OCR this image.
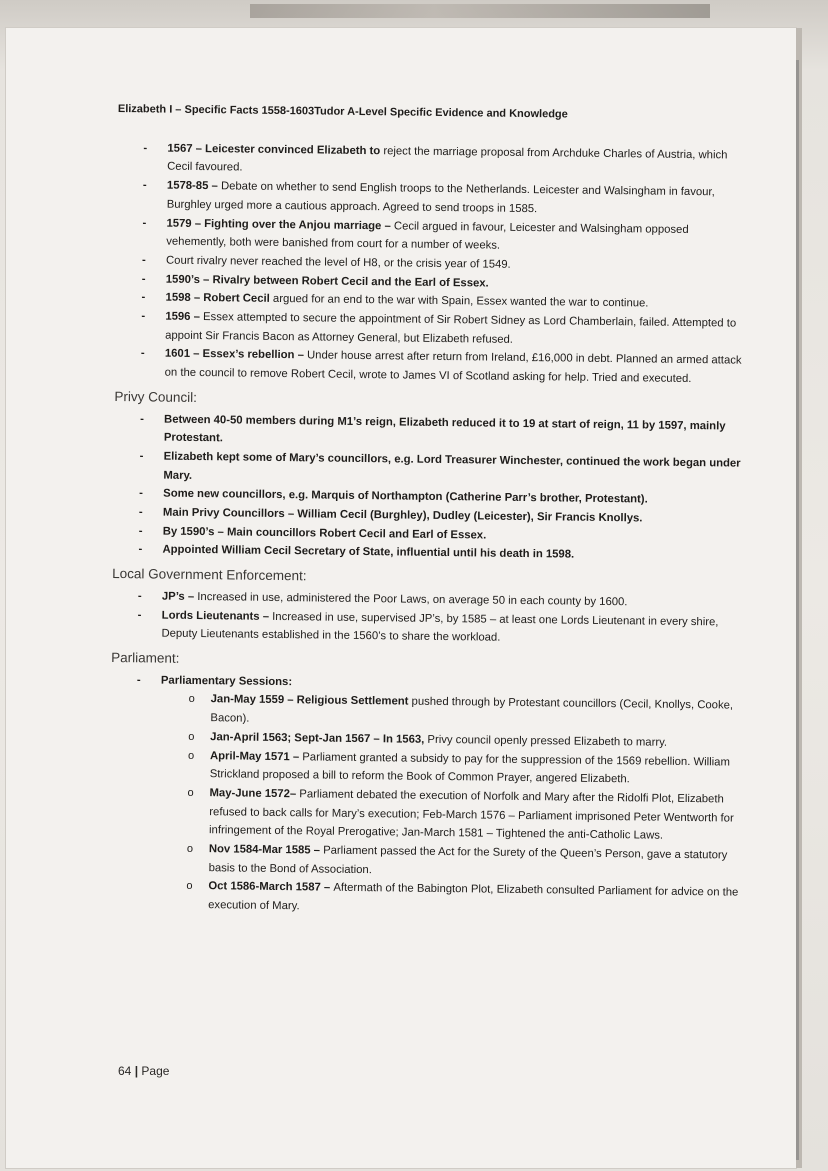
Elizabeth I – Specific Facts 1558-1603Tudor A-Level Specific Evidence and Knowledge
- 1567 – Leicester convinced Elizabeth to reject the marriage proposal from Archduke Charles of Austria, which Cecil favoured.
- 1578-85 – Debate on whether to send English troops to the Netherlands. Leicester and Walsingham in favour, Burghley urged more a cautious approach. Agreed to send troops in 1585.
- 1579 – Fighting over the Anjou marriage – Cecil argued in favour, Leicester and Walsingham opposed vehemently, both were banished from court for a number of weeks.
- Court rivalry never reached the level of H8, or the crisis year of 1549.
- 1590’s – Rivalry between Robert Cecil and the Earl of Essex.
- 1598 – Robert Cecil argued for an end to the war with Spain, Essex wanted the war to continue.
- 1596 – Essex attempted to secure the appointment of Sir Robert Sidney as Lord Chamberlain, failed. Attempted to appoint Sir Francis Bacon as Attorney General, but Elizabeth refused.
- 1601 – Essex’s rebellion – Under house arrest after return from Ireland, £16,000 in debt. Planned an armed attack on the council to remove Robert Cecil, wrote to James VI of Scotland asking for help. Tried and executed.
Privy Council:
- Between 40-50 members during M1’s reign, Elizabeth reduced it to 19 at start of reign, 11 by 1597, mainly Protestant.
- Elizabeth kept some of Mary’s councillors, e.g. Lord Treasurer Winchester, continued the work began under Mary.
- Some new councillors, e.g. Marquis of Northampton (Catherine Parr’s brother, Protestant).
- Main Privy Councillors – William Cecil (Burghley), Dudley (Leicester), Sir Francis Knollys.
- By 1590’s – Main councillors Robert Cecil and Earl of Essex.
- Appointed William Cecil Secretary of State, influential until his death in 1598.
Local Government Enforcement:
- JP’s – Increased in use, administered the Poor Laws, on average 50 in each county by 1600.
- Lords Lieutenants – Increased in use, supervised JP’s, by 1585 – at least one Lords Lieutenant in every shire, Deputy Lieutenants established in the 1560’s to share the workload.
Parliament:
- Parliamentary Sessions:
o Jan-May 1559 – Religious Settlement pushed through by Protestant councillors (Cecil, Knollys, Cooke, Bacon).
o Jan-April 1563; Sept-Jan 1567 – In 1563, Privy council openly pressed Elizabeth to marry.
o April-May 1571 – Parliament granted a subsidy to pay for the suppression of the 1569 rebellion. William Strickland proposed a bill to reform the Book of Common Prayer, angered Elizabeth.
o May-June 1572– Parliament debated the execution of Norfolk and Mary after the Ridolfi Plot, Elizabeth refused to back calls for Mary’s execution; Feb-March 1576 – Parliament imprisoned Peter Wentworth for infringement of the Royal Prerogative; Jan-March 1581 – Tightened the anti-Catholic Laws.
o Nov 1584-Mar 1585 – Parliament passed the Act for the Surety of the Queen’s Person, gave a statutory basis to the Bond of Association.
o Oct 1586-March 1587 – Aftermath of the Babington Plot, Elizabeth consulted Parliament for advice on the execution of Mary.
64 | Page
